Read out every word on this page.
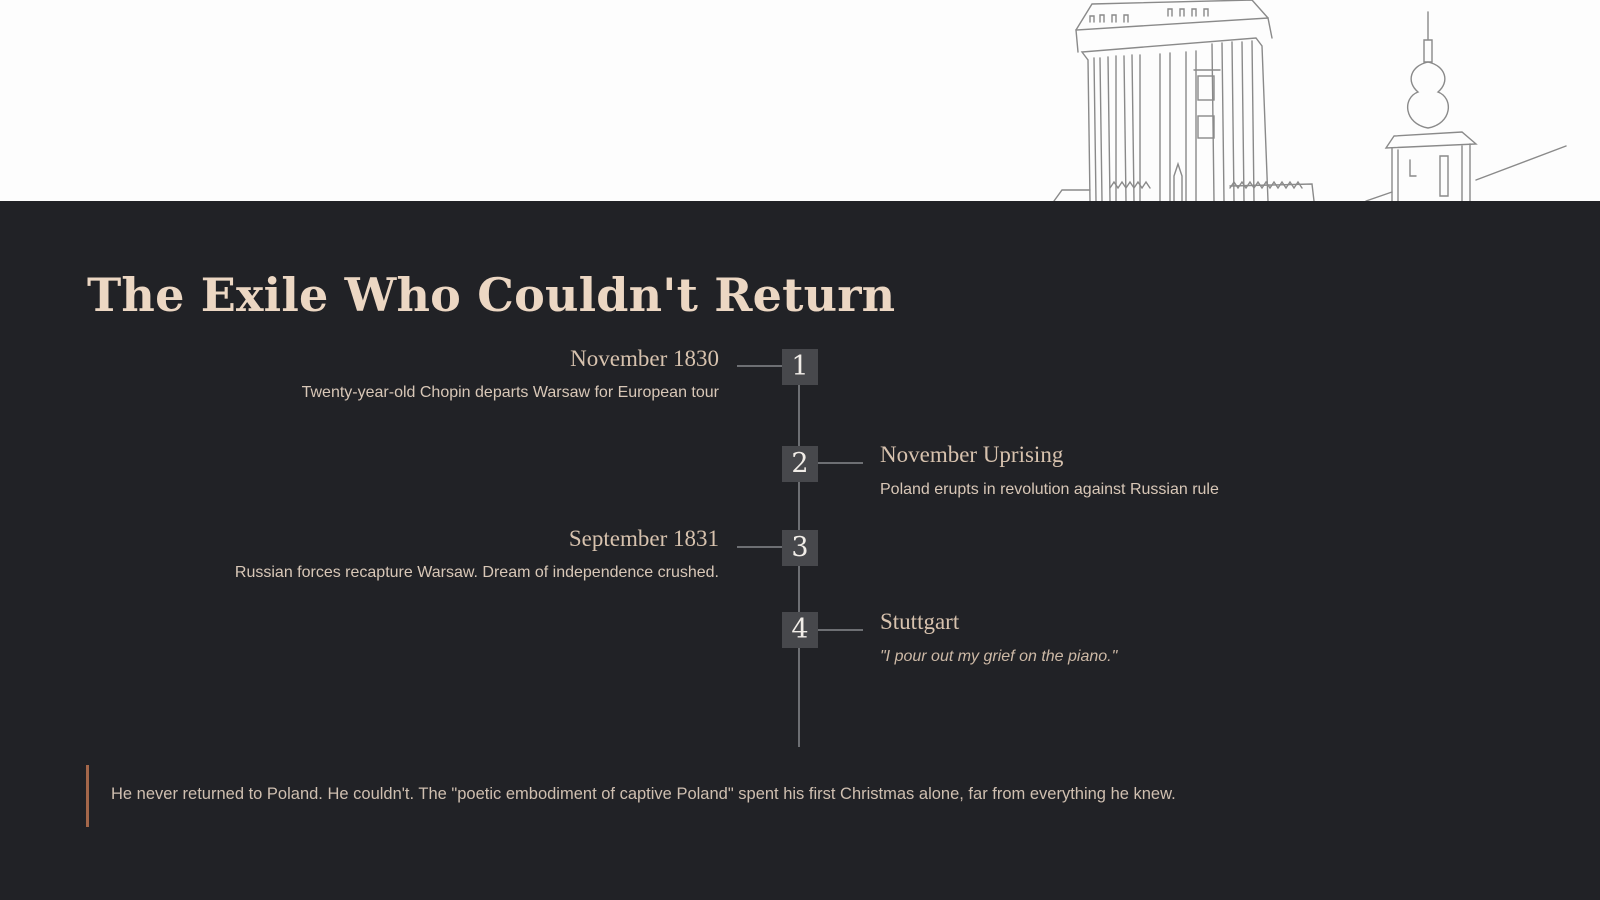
The Exile Who Couldn't Return
1
November 1830
Twenty-year-old Chopin departs Warsaw for European tour
2	November Uprising
Poland erupts in revolution against Russian rule
3
September 1831
Russian forces recapture Warsaw. Dream of independence crushed.
4	Stuttgart
"I pour out my grief on the piano."

He never returned to Poland. He couldn't. The "poetic embodiment of captive Poland" spent his first Christmas alone, far from everything he knew.
